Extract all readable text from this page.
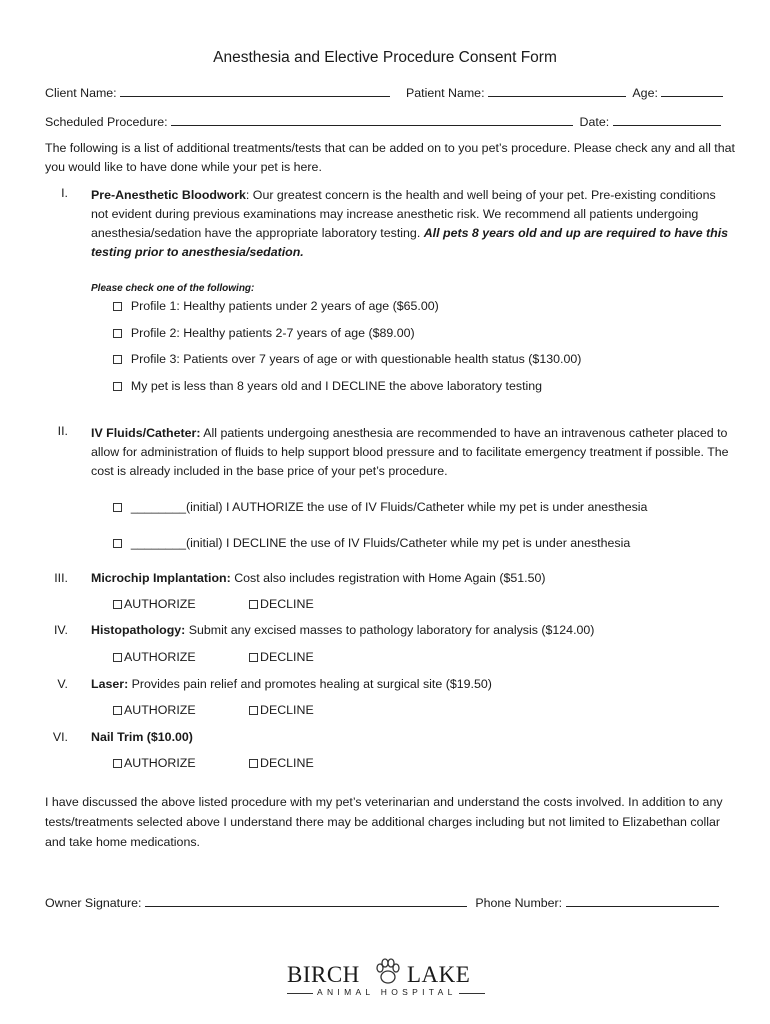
Anesthesia and Elective Procedure Consent Form
Client Name:	Patient Name:	Age:
Scheduled Procedure:	Date:
The following is a list of additional treatments/tests that can be added on to you pet’s procedure. Please check any and all that you would like to have done while your pet is here.
I. Pre-Anesthetic Bloodwork: Our greatest concern is the health and well being of your pet. Pre-existing conditions not evident during previous examinations may increase anesthetic risk. We recommend all patients undergoing anesthesia/sedation have the appropriate laboratory testing. All pets 8 years old and up are required to have this testing prior to anesthesia/sedation.
Please check one of the following:
Profile 1: Healthy patients under 2 years of age ($65.00)
Profile 2: Healthy patients 2-7 years of age ($89.00)
Profile 3: Patients over 7 years of age or with questionable health status ($130.00)
My pet is less than 8 years old and I DECLINE the above laboratory testing
II. IV Fluids/Catheter: All patients undergoing anesthesia are recommended to have an intravenous catheter placed to allow for administration of fluids to help support blood pressure and to facilitate emergency treatment if possible. The cost is already included in the base price of your pet’s procedure.
________(initial) I AUTHORIZE the use of IV Fluids/Catheter while my pet is under anesthesia
________(initial) I DECLINE the use of IV Fluids/Catheter while my pet is under anesthesia
III. Microchip Implantation: Cost also includes registration with Home Again ($51.50)
AUTHORIZE	DECLINE
IV. Histopathology: Submit any excised masses to pathology laboratory for analysis ($124.00)
AUTHORIZE	DECLINE
V. Laser: Provides pain relief and promotes healing at surgical site ($19.50)
AUTHORIZE	DECLINE
VI. Nail Trim ($10.00)
AUTHORIZE	DECLINE
I have discussed the above listed procedure with my pet’s veterinarian and understand the costs involved. In addition to any tests/treatments selected above I understand there may be additional charges including but not limited to Elizabethan collar and take home medications.
Owner Signature:	Phone Number:
BIRCH LAKE
ANIMAL HOSPITAL
